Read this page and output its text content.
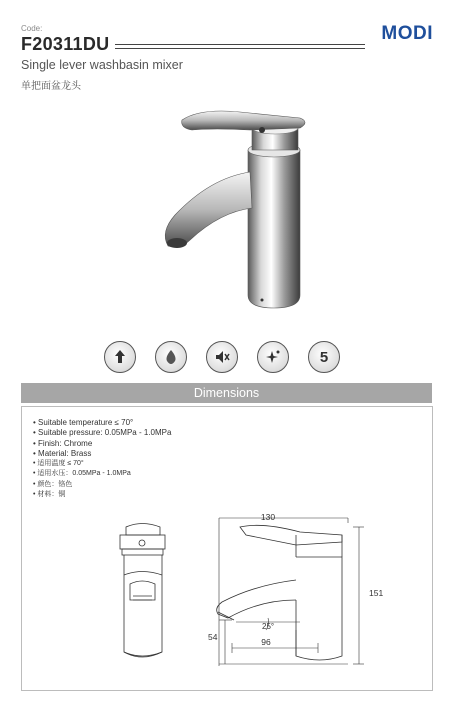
Code:
F20311DU	MODI
Single lever washbasin mixer
单把面盆龙头
5
Dimensions
• Suitable temperature ≤ 70°
• Suitable pressure: 0.05MPa - 1.0MPa
• Finish: Chrome
• Material: Brass
• 适用温度 ≤ 70°
• 适用水压：0.05MPa - 1.0MPa
• 颜色：铬色
• 材料：铜
130
151
54	96
25°
